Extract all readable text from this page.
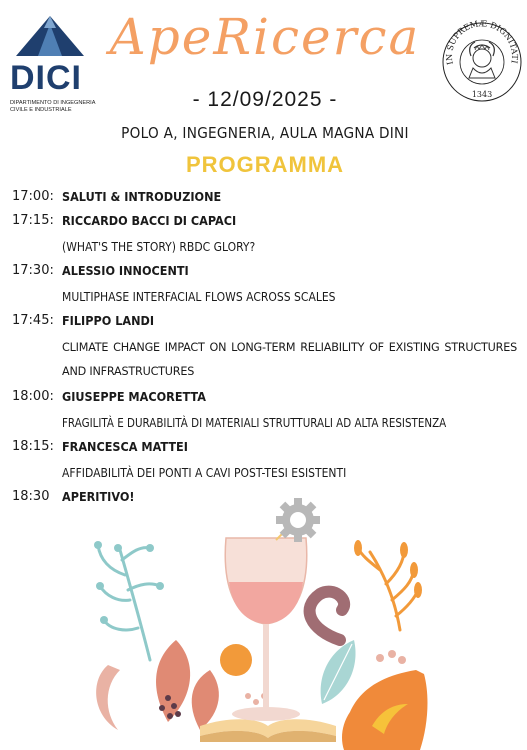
DICI
DIPARTIMENTO DI INGEGNERIA
CIVILE E INDUSTRIALE
ApeRicerca
- 12/09/2025 -
IN SUPREMÆ DIGNITATI
1343
POLO A, INGEGNERIA, AULA MAGNA DINI
PROGRAMMA
17:00: SALUTI & INTRODUZIONE
17:15: RICCARDO BACCI DI CAPACI
(WHAT'S THE STORY) RBDC GLORY?
17:30: ALESSIO INNOCENTI
MULTIPHASE INTERFACIAL FLOWS ACROSS SCALES
17:45: FILIPPO LANDI
CLIMATE CHANGE IMPACT ON LONG-TERM RELIABILITY OF EXISTING STRUCTURES AND INFRASTRUCTURES
18:00: GIUSEPPE MACORETTA
FRAGILITÀ E DURABILITÀ DI MATERIALI STRUTTURALI AD ALTA RESISTENZA
18:15: FRANCESCA MATTEI
AFFIDABILITÀ DEI PONTI A CAVI POST-TESI ESISTENTI
18:30	APERITIVO!
